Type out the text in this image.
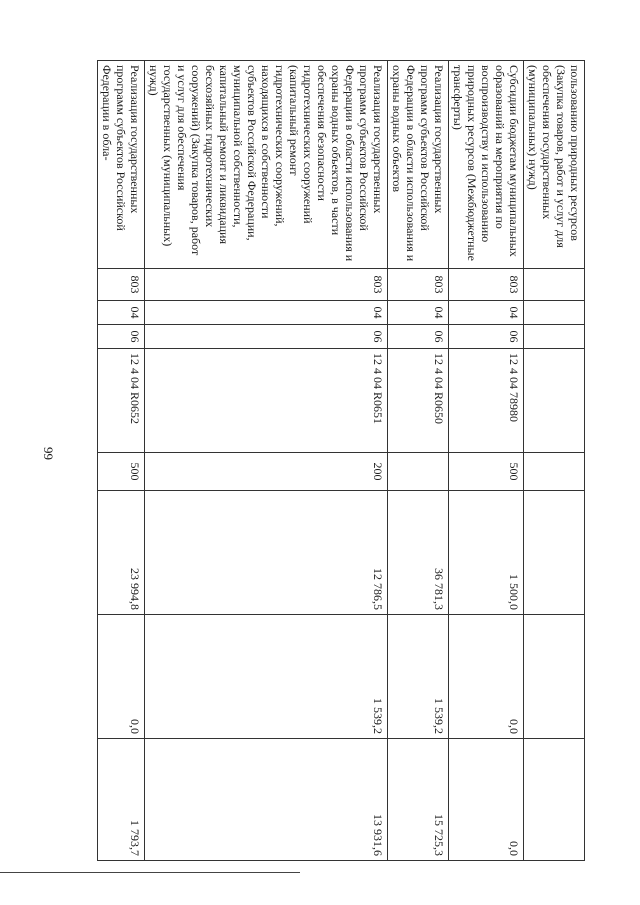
99
пользованию природных ресурсов (Закупка товаров, работ и услуг для обеспечения государственных (муниципальных) нужд)								
Субсидии бюджетам муниципальных образований на мероприятия по воспроизводству и использованию природных ресурсов (Межбюджетные трансферты)	803	04	06	12 4 04 78980	500	1 500,0	0,0	0,0
Реализация государственных программ субъектов Российской Федерации в области использования и охраны водных объектов	803	04	06	12 4 04 R0650		36 781,3	1 539,2	15 725,3
Реализация государственных программ субъектов Российской Федерации в области использования и охраны водных объектов, в части обеспечения безопасности гидротехнических сооружений (капитальный ремонт гидротехнических сооружений, находящихся в собственности субъектов Российской Федерации, муниципальной собственности, капитальный ремонт и ликвидация бесхозяйных гидротехнических сооружений) (Закупка товаров, работ и услуг для обеспечения государственных (муниципальных) нужд)	803	04	06	12 4 04 R0651	200	12 786,5	1 539,2	13 931,6
Реализация государственных программ субъектов Российской Федерации в обла-	803	04	06	12 4 04 R0652	500	23 994,8	0,0	1 793,7
